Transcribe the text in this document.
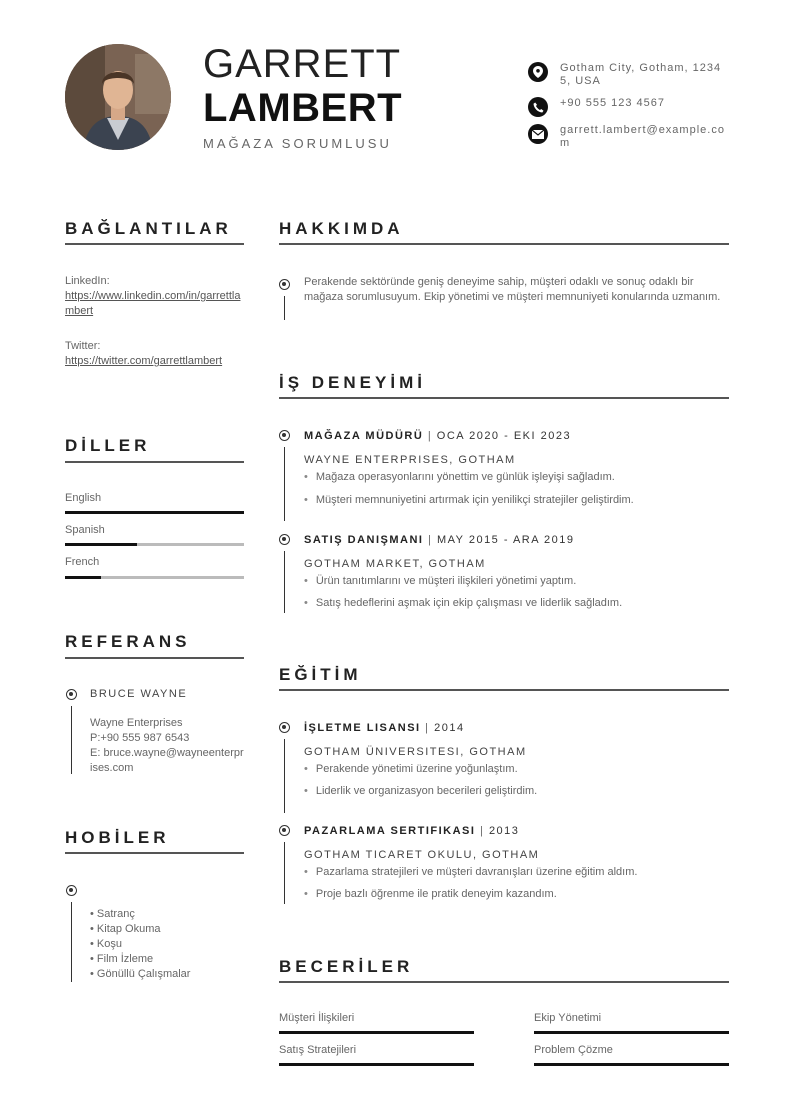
GARRETT
LAMBERT
MAĞAZA SORUMLUSU
Gotham City, Gotham, 12345, USA
+90 555 123 4567
garrett.lambert@example.com
BAĞLANTILAR
LinkedIn:
https://www.linkedin.com/in/garrettlambert
Twitter:
https://twitter.com/garrettlambert
DİLLER
English
Spanish
French
REFERANS
BRUCE WAYNE
Wayne Enterprises
P:+90 555 987 6543
E: bruce.wayne@wayneenterprises.com
HOBİLER
• Satranç
• Kitap Okuma
• Koşu
• Film İzleme
• Gönüllü Çalışmalar
HAKKIMDA
Perakende sektöründe geniş deneyime sahip, müşteri odaklı ve sonuç odaklı bir mağaza sorumlusuyum. Ekip yönetimi ve müşteri memnuniyeti konularında uzmanım.
İŞ DENEYİMİ
MAĞAZA MÜDÜRÜ | OCA 2020 - EKI 2023
WAYNE ENTERPRISES, GOTHAM
• Mağaza operasyonlarını yönettim ve günlük işleyişi sağladım.
• Müşteri memnuniyetini artırmak için yenilikçi stratejiler geliştirdim.
SATIŞ DANIŞMANI | MAY 2015 - ARA 2019
GOTHAM MARKET, GOTHAM
• Ürün tanıtımlarını ve müşteri ilişkileri yönetimi yaptım.
• Satış hedeflerini aşmak için ekip çalışması ve liderlik sağladım.
EĞİTİM
İŞLETME LISANSI | 2014
GOTHAM ÜNIVERSITESI, GOTHAM
• Perakende yönetimi üzerine yoğunlaştım.
• Liderlik ve organizasyon becerileri geliştirdim.
PAZARLAMA SERTIFIKASI | 2013
GOTHAM TICARET OKULU, GOTHAM
• Pazarlama stratejileri ve müşteri davranışları üzerine eğitim aldım.
• Proje bazlı öğrenme ile pratik deneyim kazandım.
BECERİLER
Müşteri İlişkileri	Ekip Yönetimi
Satış Stratejileri	Problem Çözme
